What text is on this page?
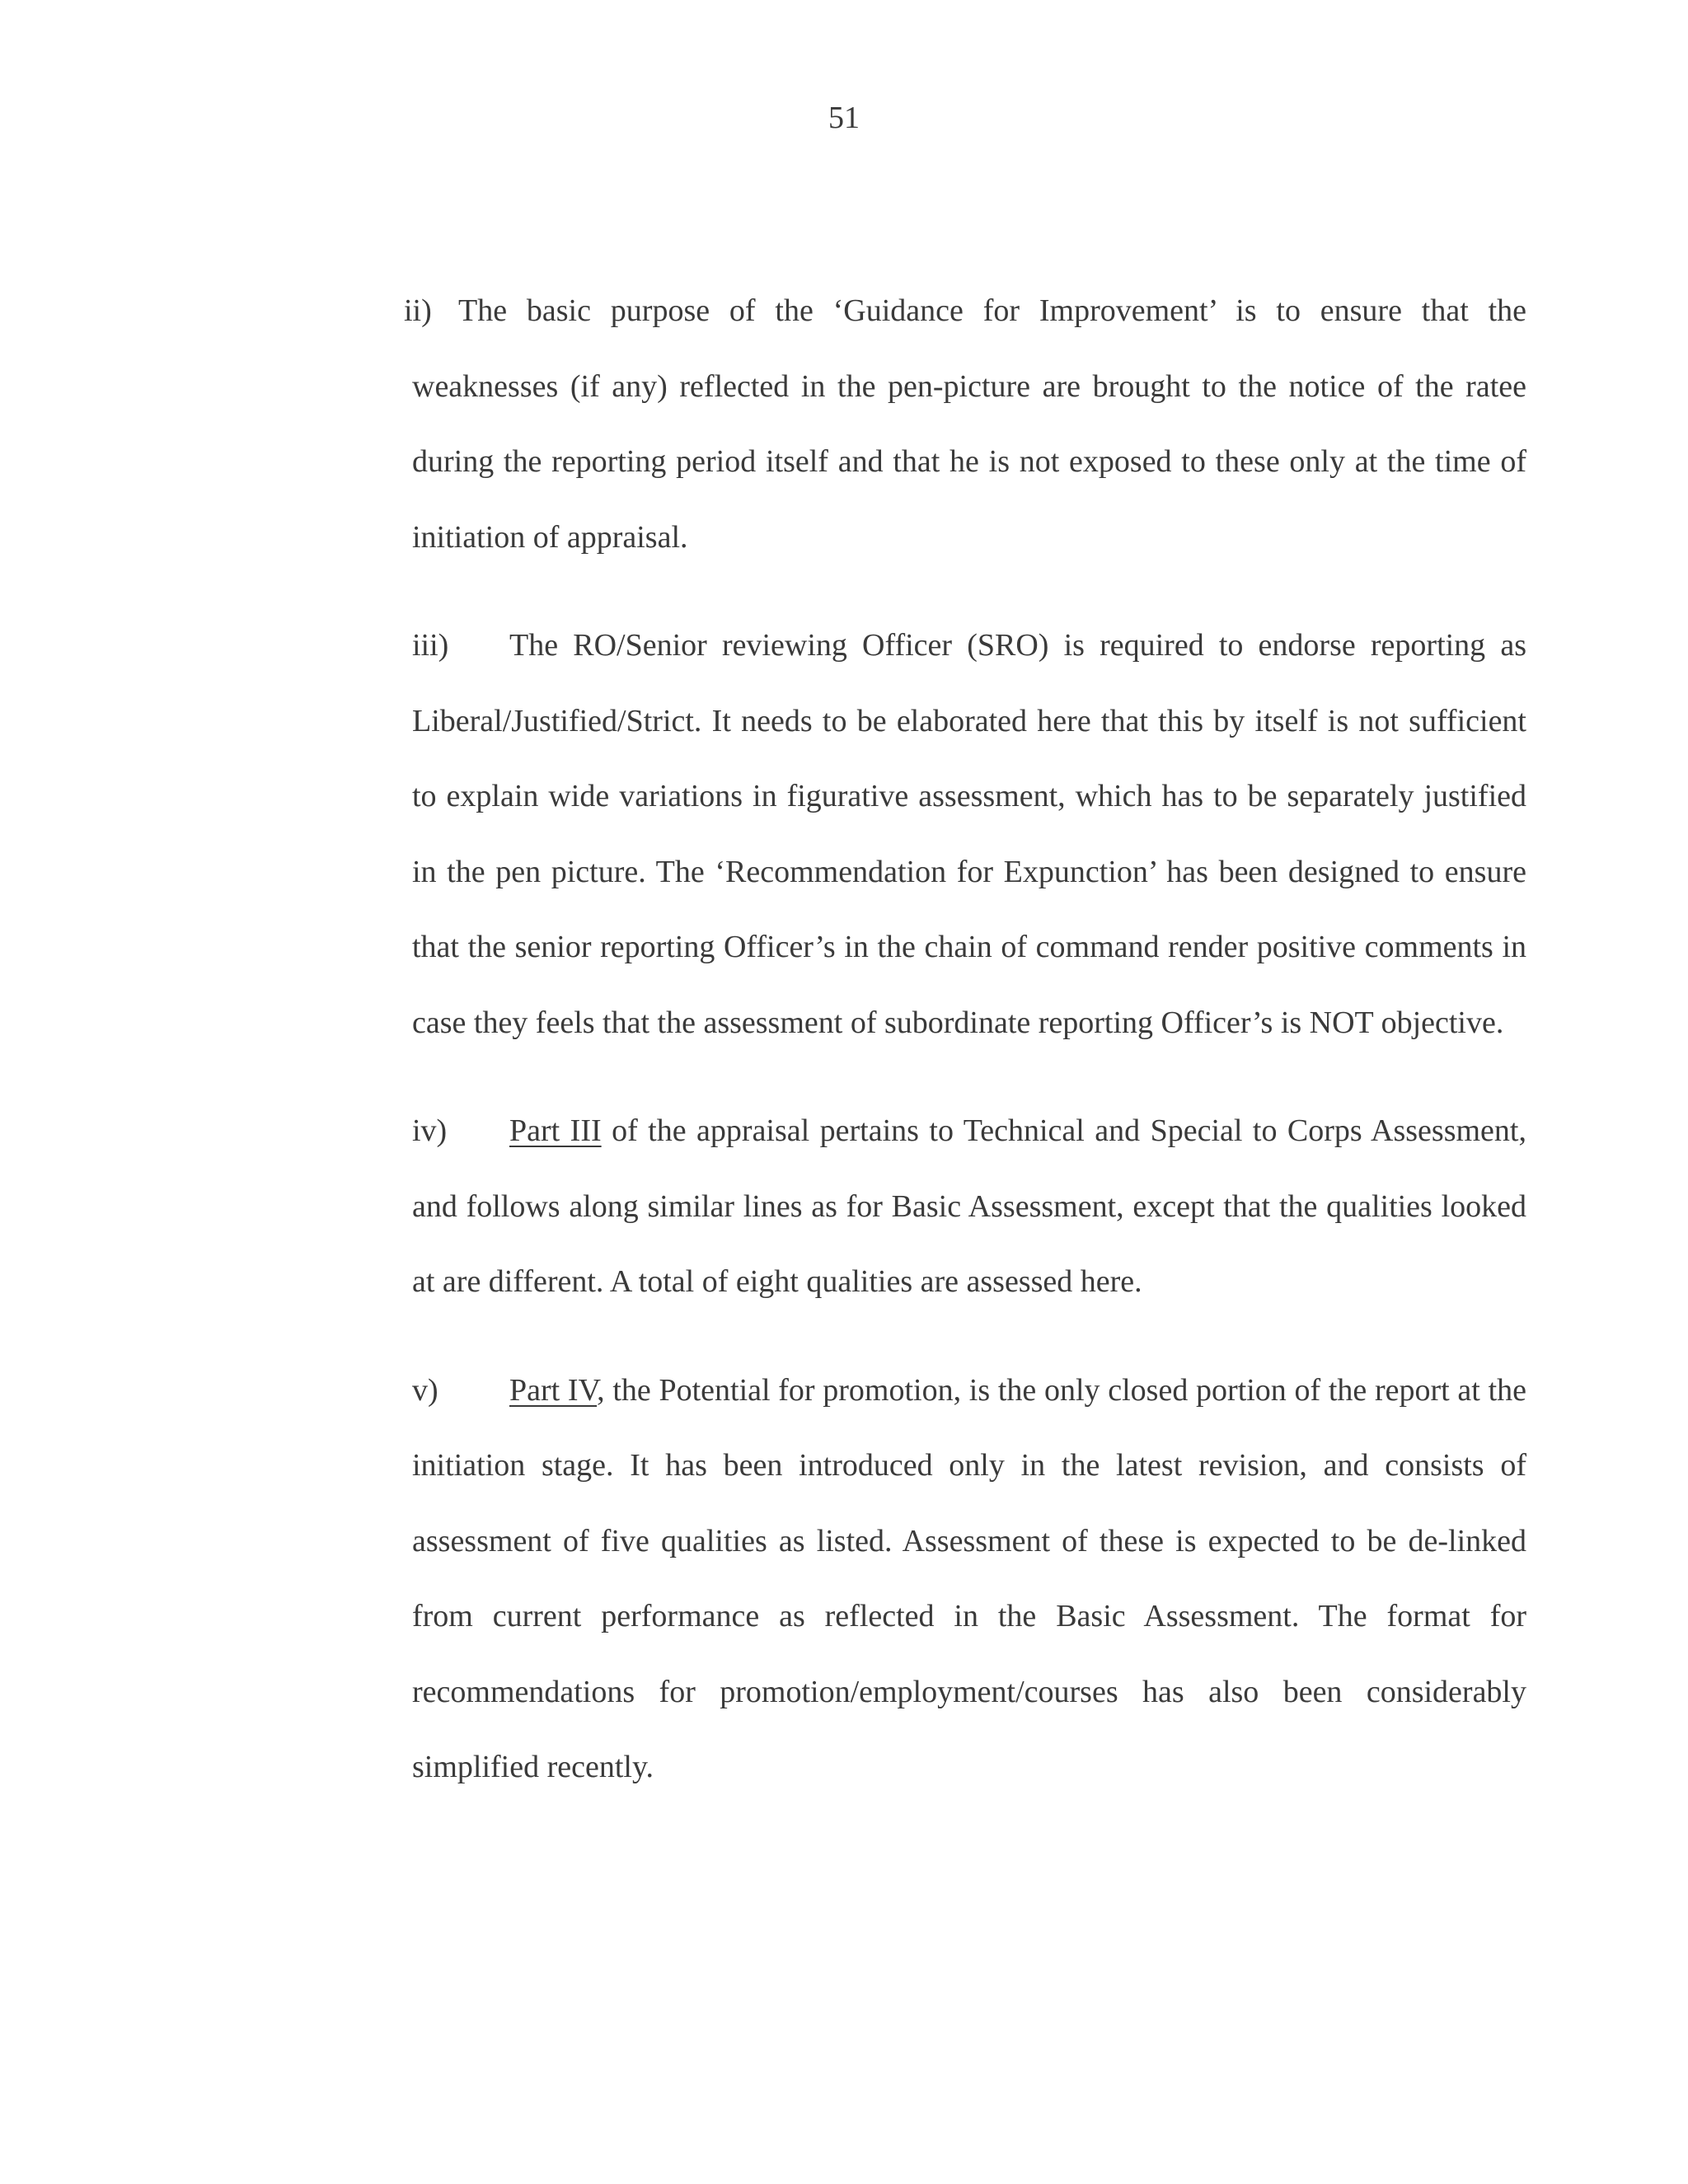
51

ii) The basic purpose of the ‘Guidance for Improvement’ is to ensure that the weaknesses (if any) reflected in the pen-picture are brought to the notice of the ratee during the reporting period itself and that he is not exposed to these only at the time of initiation of appraisal.

iii) The RO/Senior reviewing Officer (SRO) is required to endorse reporting as Liberal/Justified/Strict. It needs to be elaborated here that this by itself is not sufficient to explain wide variations in figurative assessment, which has to be separately justified in the pen picture. The ‘Recommendation for Expunction’ has been designed to ensure that the senior reporting Officer’s in the chain of command render positive comments in case they feels that the assessment of subordinate reporting Officer’s is NOT objective.

iv) Part III of the appraisal pertains to Technical and Special to Corps Assessment, and follows along similar lines as for Basic Assessment, except that the qualities looked at are different. A total of eight qualities are assessed here.

v) Part IV, the Potential for promotion, is the only closed portion of the report at the initiation stage. It has been introduced only in the latest revision, and consists of assessment of five qualities as listed. Assessment of these is expected to be de-linked from current performance as reflected in the Basic Assessment. The format for recommendations for promotion/employment/courses has also been considerably simplified recently.
